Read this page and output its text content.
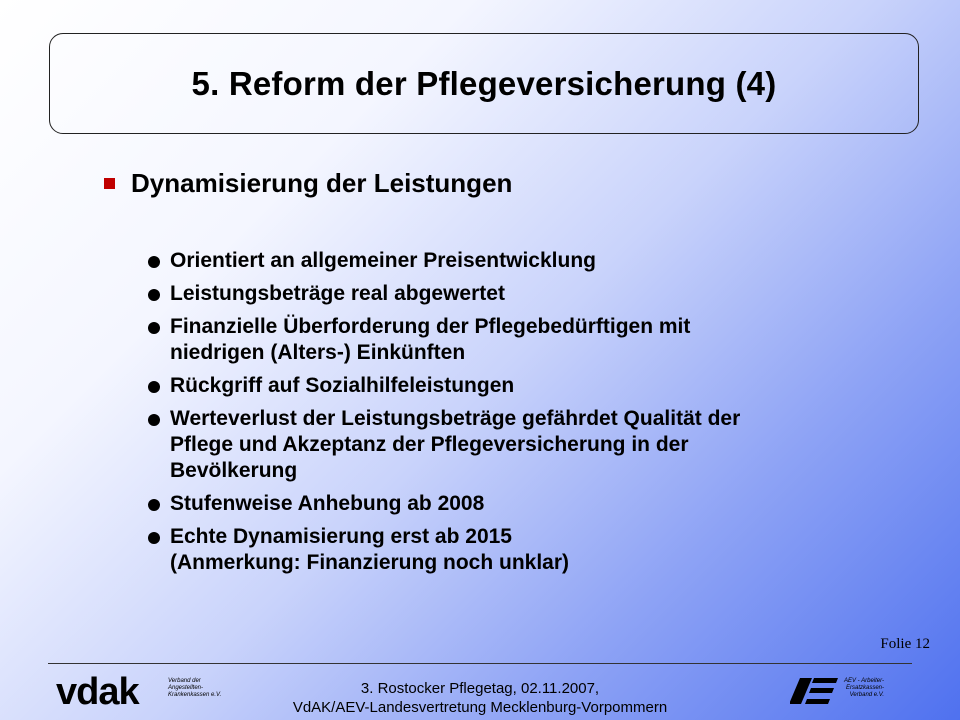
5. Reform der Pflegeversicherung (4)
Dynamisierung der Leistungen
Orientiert an allgemeiner Preisentwicklung
Leistungsbeträge real abgewertet
Finanzielle Überforderung der Pflegebedürftigen mit
niedrigen (Alters-) Einkünften
Rückgriff auf Sozialhilfeleistungen
Werteverlust der Leistungsbeträge gefährdet Qualität der
Pflege und Akzeptanz der Pflegeversicherung in der
Bevölkerung
Stufenweise Anhebung ab 2008
Echte Dynamisierung erst ab 2015
(Anmerkung: Finanzierung noch unklar)
Folie 12
vdak	Verband der
Angestellten-
Krankenkassen e.V.	3. Rostocker Pflegetag, 02.11.2007,
VdAK/AEV-Landesvertretung Mecklenburg-Vorpommern
AEV - Arbeiter-
Ersatzkassen-
Verband e.V.
